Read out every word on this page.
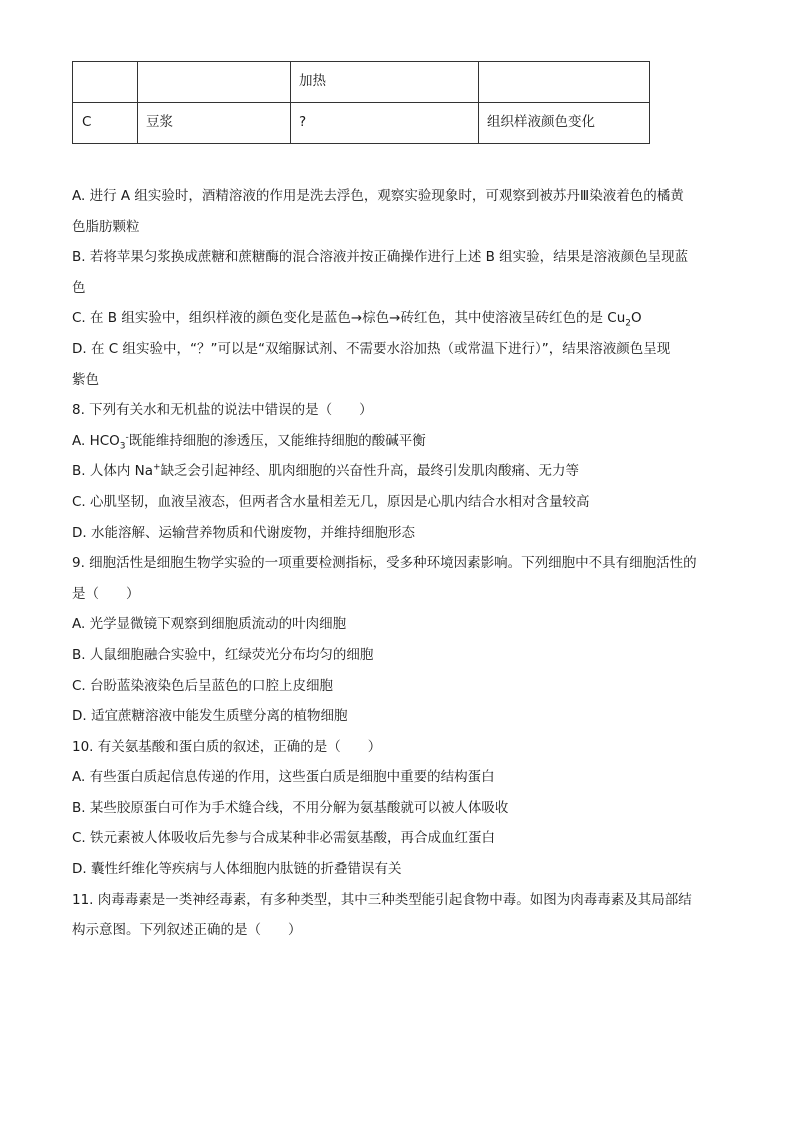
		加热	
C	豆浆	?	组织样液颜色变化
A. 进行 A 组实验时，酒精溶液的作用是洗去浮色，观察实验现象时，可观察到被苏丹Ⅲ染液着色的橘黄
色脂肪颗粒
B. 若将苹果匀浆换成蔗糖和蔗糖酶的混合溶液并按正确操作进行上述 B 组实验，结果是溶液颜色呈现蓝
色
C. 在 B 组实验中，组织样液的颜色变化是蓝色→棕色→砖红色，其中使溶液呈砖红色的是 $Cu_2O$
D. 在 C 组实验中，“？”可以是“双缩脲试剂、不需要水浴加热（或常温下进行）”，结果溶液颜色呈现
紫色
8. 下列有关水和无机盐的说法中错误的是（　　）
A. $HCO_3^-$既能维持细胞的渗透压，又能维持细胞的酸碱平衡
B. 人体内 Na+缺乏会引起神经、肌肉细胞的兴奋性升高，最终引发肌肉酸痛、无力等
C. 心肌坚韧，血液呈液态，但两者含水量相差无几，原因是心肌内结合水相对含量较高
D. 水能溶解、运输营养物质和代谢废物，并维持细胞形态
9. 细胞活性是细胞生物学实验的一项重要检测指标，受多种环境因素影响。下列细胞中不具有细胞活性的
是（　　）
A. 光学显微镜下观察到细胞质流动的叶肉细胞
B. 人鼠细胞融合实验中，红绿荧光分布均匀的细胞
C. 台盼蓝染液染色后呈蓝色的口腔上皮细胞
D. 适宜蔗糖溶液中能发生质壁分离的植物细胞
10. 有关氨基酸和蛋白质的叙述，正确的是（　　）
A. 有些蛋白质起信息传递的作用，这些蛋白质是细胞中重要的结构蛋白
B. 某些胶原蛋白可作为手术缝合线，不用分解为氨基酸就可以被人体吸收
C. 铁元素被人体吸收后先参与合成某种非必需氨基酸，再合成血红蛋白
D. 囊性纤维化等疾病与人体细胞内肽链的折叠错误有关
11. 肉毒毒素是一类神经毒素，有多种类型，其中三种类型能引起食物中毒。如图为肉毒毒素及其局部结
构示意图。下列叙述正确的是（　　）
